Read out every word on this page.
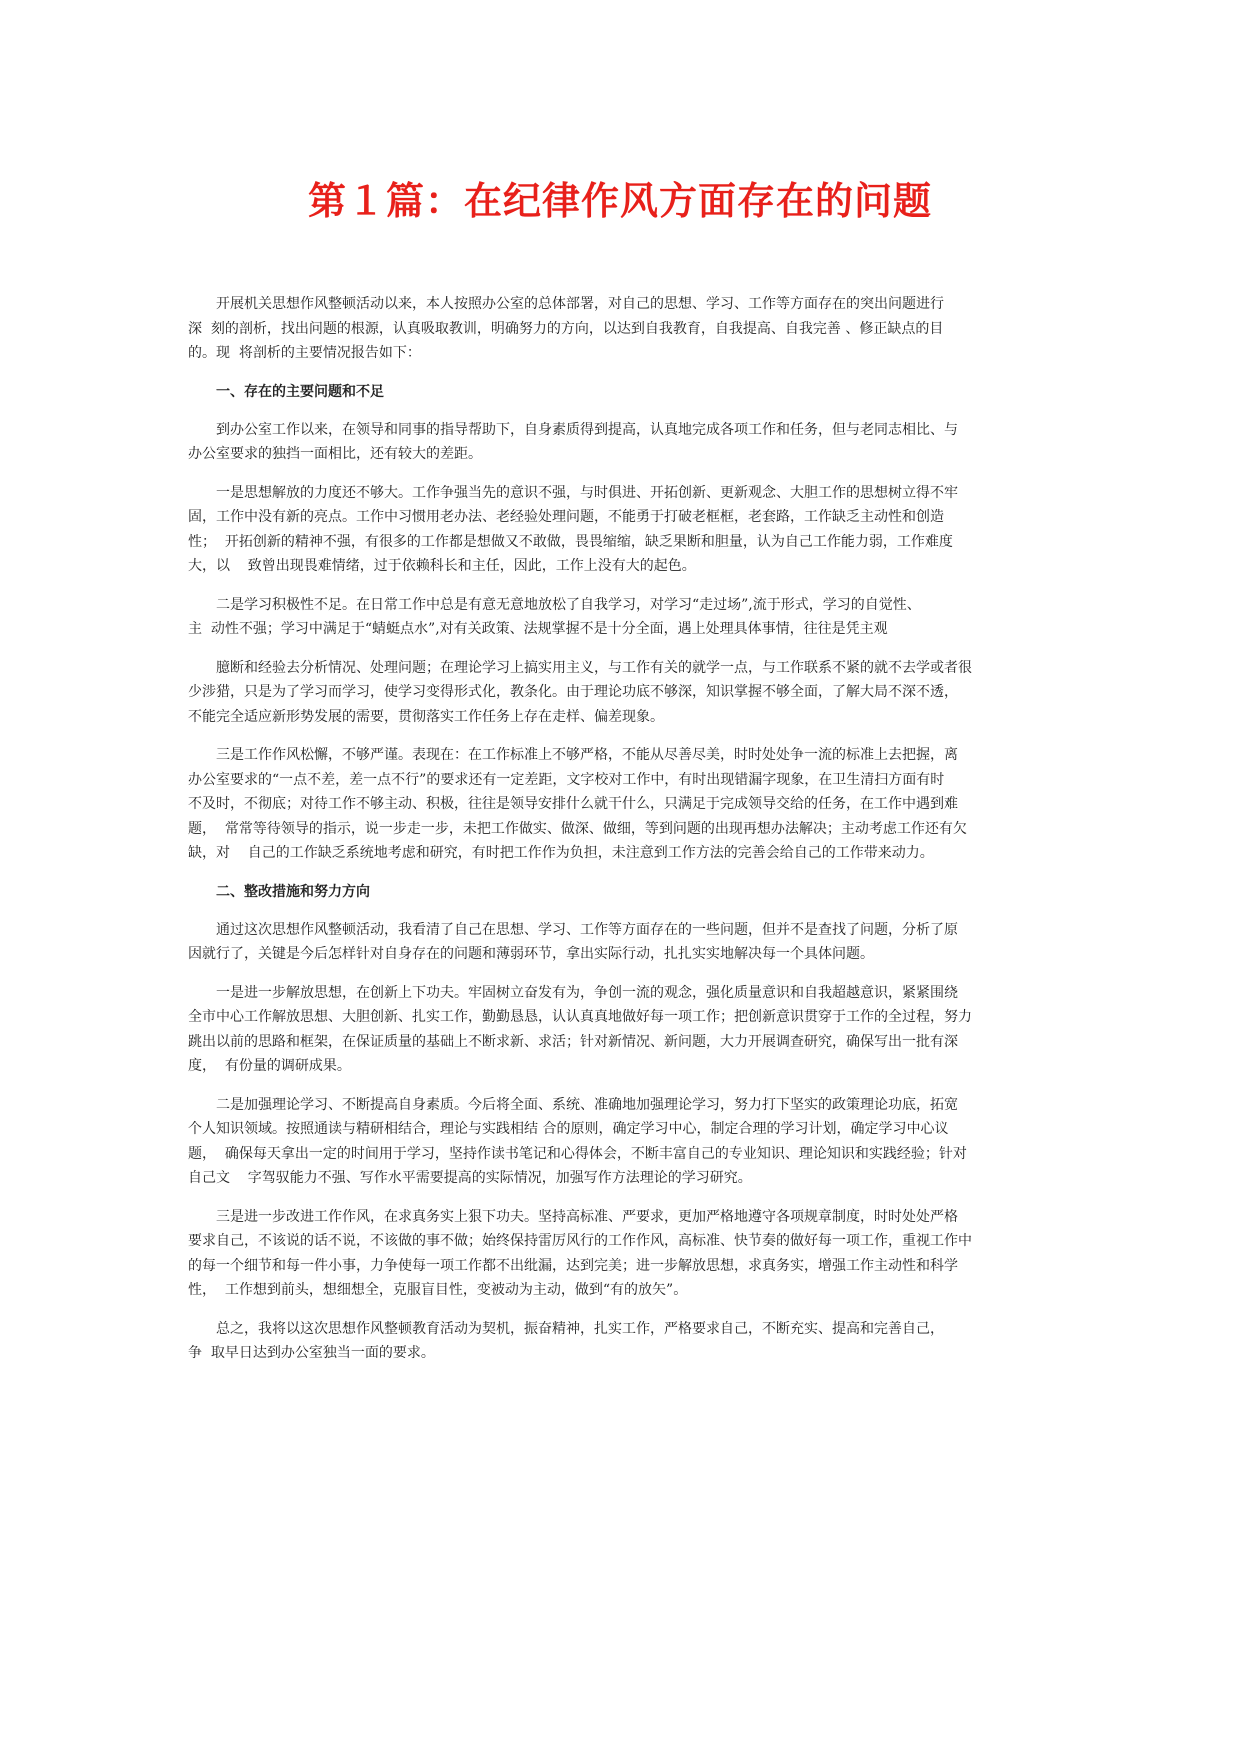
第１篇：在纪律作风方面存在的问题
开展机关思想作风整顿活动以来，本人按照办公室的总体部署，对自己的思想、学习、工作等方面存在的突出问题进行
深  刻的剖析，找出问题的根源，认真吸取教训，明确努力的方向，以达到自我教育，自我提高、自我完善 、修正缺点的目
的。现  将剖析的主要情况报告如下：
一、存在的主要问题和不足
到办公室工作以来，在领导和同事的指导帮助下，自身素质得到提高，认真地完成各项工作和任务，但与老同志相比、与
办公室要求的独挡一面相比，还有较大的差距。
一是思想解放的力度还不够大。工作争强当先的意识不强，与时俱进、开拓创新、更新观念、大胆工作的思想树立得不牢
固，工作中没有新的亮点。工作中习惯用老办法、老经验处理问题，不能勇于打破老框框，老套路，工作缺乏主动性和创造
性；  开拓创新的精神不强，有很多的工作都是想做又不敢做，畏畏缩缩，缺乏果断和胆量，认为自己工作能力弱，工作难度
大，以    致曾出现畏难情绪，过于依赖科长和主任，因此，工作上没有大的起色。
二是学习积极性不足。在日常工作中总是有意无意地放松了自我学习，对学习“走过场”,流于形式，学习的自觉性、
主  动性不强；学习中满足于“蜻蜓点水”,对有关政策、法规掌握不是十分全面，遇上处理具体事情，往往是凭主观
臆断和经验去分析情况、处理问题；在理论学习上搞实用主义，与工作有关的就学一点，与工作联系不紧的就不去学或者很
少涉猎，只是为了学习而学习，使学习变得形式化，教条化。由于理论功底不够深，知识掌握不够全面，了解大局不深不透，
不能完全适应新形势发展的需要，贯彻落实工作任务上存在走样、偏差现象。
三是工作作风松懈，不够严谨。表现在：在工作标准上不够严格，不能从尽善尽美，时时处处争一流的标准上去把握，离
办公室要求的“一点不差，差一点不行”的要求还有一定差距，文字校对工作中，有时出现错漏字现象，在卫生清扫方面有时
不及时，不彻底；对待工作不够主动、积极，往往是领导安排什么就干什么，只满足于完成领导交给的任务，在工作中遇到难
题，  常常等待领导的指示，说一步走一步，未把工作做实、做深、做细，等到问题的出现再想办法解决；主动考虑工作还有欠
缺，对    自己的工作缺乏系统地考虑和研究，有时把工作作为负担，未注意到工作方法的完善会给自己的工作带来动力。
二、整改措施和努力方向
通过这次思想作风整顿活动，我看清了自己在思想、学习、工作等方面存在的一些问题，但并不是查找了问题，分析了原
因就行了，关键是今后怎样针对自身存在的问题和薄弱环节，拿出实际行动，扎扎实实地解决每一个具体问题。
一是进一步解放思想，在创新上下功夫。牢固树立奋发有为，争创一流的观念，强化质量意识和自我超越意识，紧紧围绕
全市中心工作解放思想、大胆创新、扎实工作，勤勤恳恳，认认真真地做好每一项工作；把创新意识贯穿于工作的全过程，努力
跳出以前的思路和框架，在保证质量的基础上不断求新、求活；针对新情况、新问题，大力开展调查研究，确保写出一批有深
度，  有份量的调研成果。
二是加强理论学习、不断提高自身素质。今后将全面、系统、准确地加强理论学习，努力打下坚实的政策理论功底，拓宽
个人知识领域。按照通读与精研相结合，理论与实践相结 合的原则，确定学习中心，制定合理的学习计划，确定学习中心议
题，  确保每天拿出一定的时间用于学习，坚持作读书笔记和心得体会，不断丰富自己的专业知识、理论知识和实践经验；针对
自己文    字驾驭能力不强、写作水平需要提高的实际情况，加强写作方法理论的学习研究。
三是进一步改进工作作风，在求真务实上狠下功夫。坚持高标准、严要求，更加严格地遵守各项规章制度，时时处处严格
要求自己，不该说的话不说，不该做的事不做；始终保持雷厉风行的工作作风，高标准、快节奏的做好每一项工作，重视工作中
的每一个细节和每一件小事，力争使每一项工作都不出纰漏，达到完美；进一步解放思想，求真务实，增强工作主动性和科学
性，  工作想到前头，想细想全，克服盲目性，变被动为主动，做到“有的放矢”。
总之，我将以这次思想作风整顿教育活动为契机，振奋精神，扎实工作，严格要求自己，不断充实、提高和完善自己，
争  取早日达到办公室独当一面的要求。
